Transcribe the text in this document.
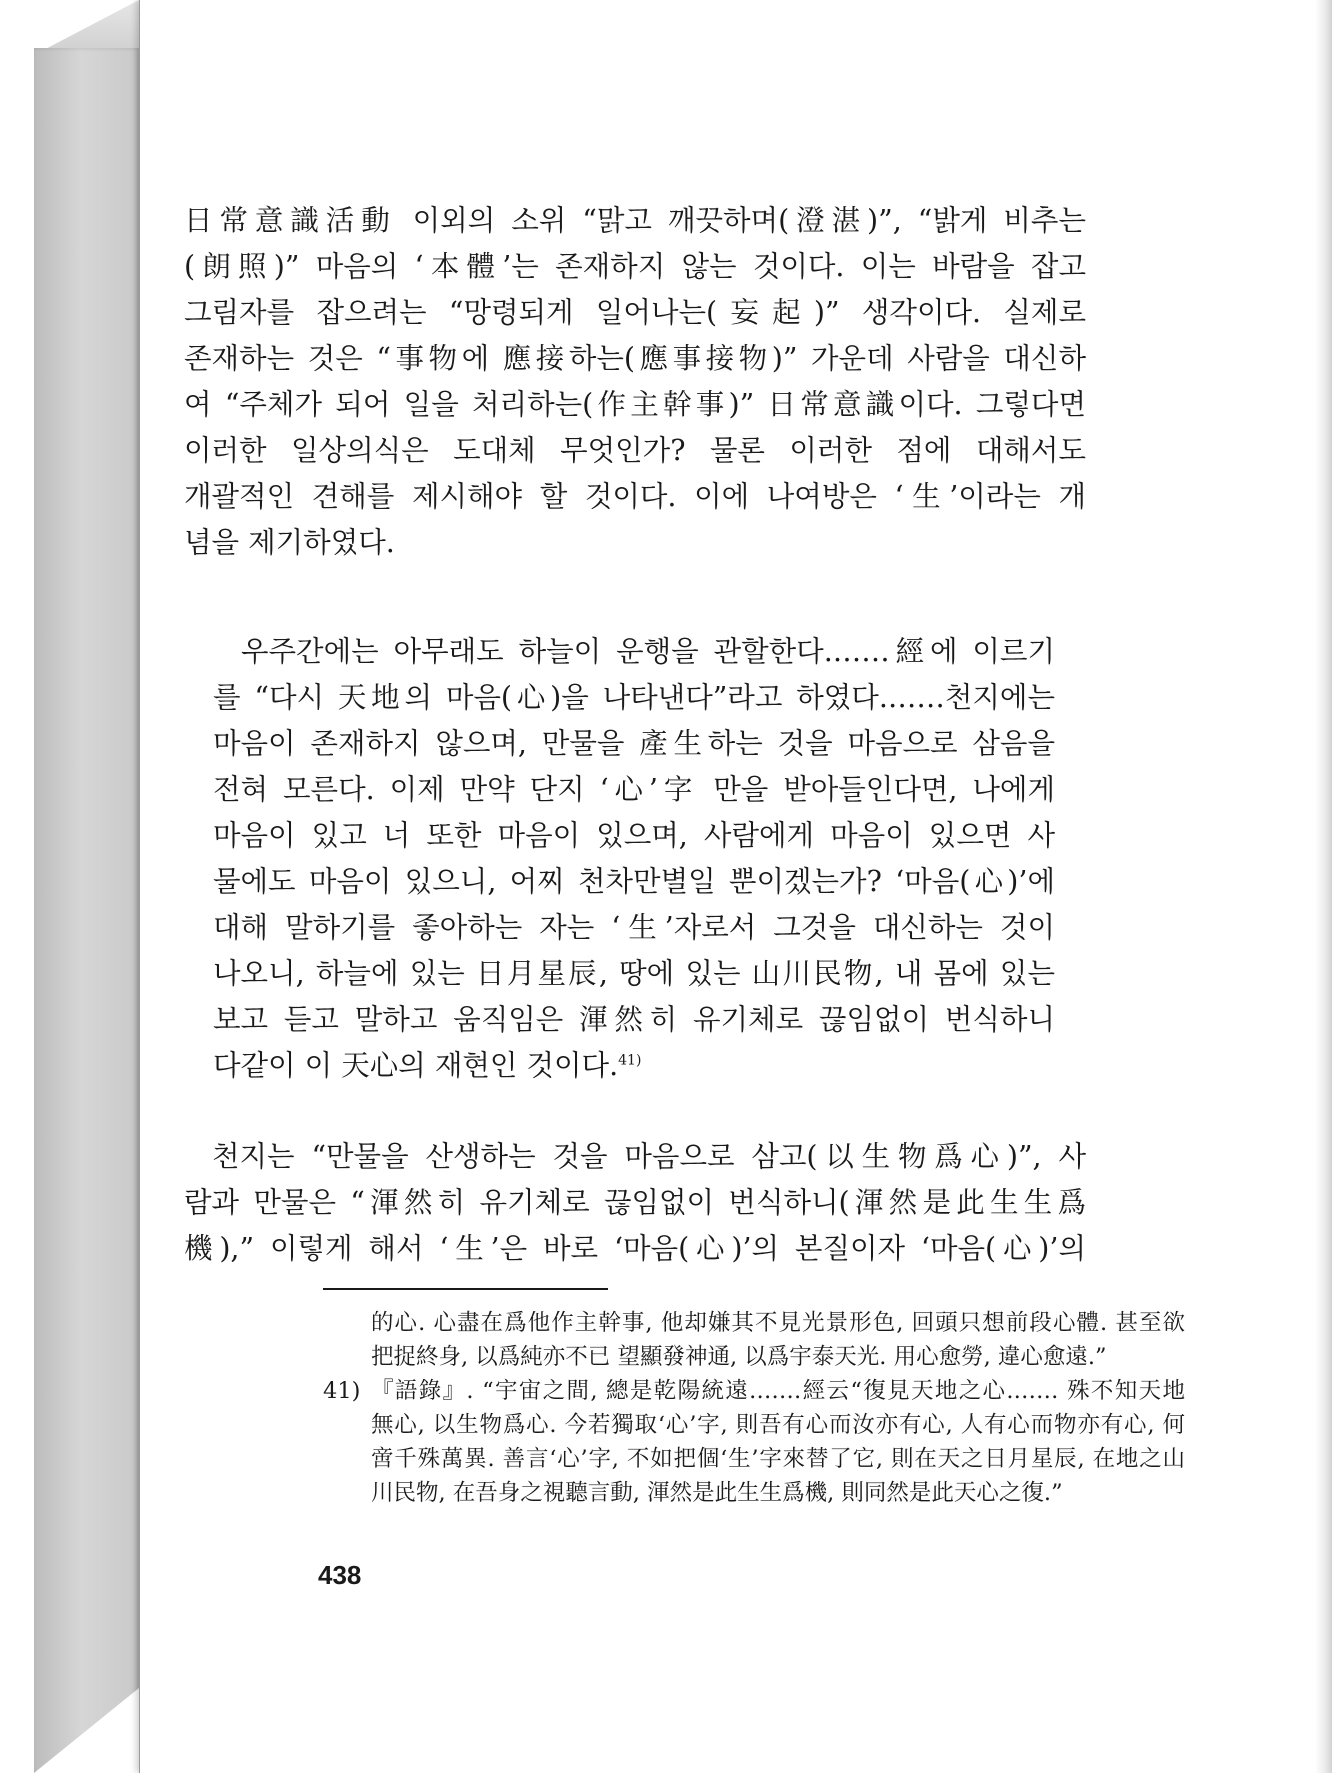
日常意識活動 이외의 소위 “맑고 깨끗하며(澄湛)”, “밝게 비추는
(朗照)” 마음의 ‘本體’는 존재하지 않는 것이다. 이는 바람을 잡고
그림자를 잡으려는 “망령되게 일어나는(妄起)” 생각이다. 실제로
존재하는 것은 “事物에 應接하는(應事接物)” 가운데 사람을 대신하
여 “주체가 되어 일을 처리하는(作主幹事)” 日常意識이다. 그렇다면
이러한 일상의식은 도대체 무엇인가? 물론 이러한 점에 대해서도
개괄적인 견해를 제시해야 할 것이다. 이에 나여방은 ‘生’이라는 개
념을 제기하였다.
우주간에는 아무래도 하늘이 운행을 관할한다.……經에 이르기
를 “다시 天地의 마음(心)을 나타낸다”라고 하였다.……천지에는
마음이 존재하지 않으며, 만물을 產生하는 것을 마음으로 삼음을
전혀 모른다. 이제 만약 단지 ‘心’字 만을 받아들인다면, 나에게
마음이 있고 너 또한 마음이 있으며, 사람에게 마음이 있으면 사
물에도 마음이 있으니, 어찌 천차만별일 뿐이겠는가? ‘마음(心)’에
대해 말하기를 좋아하는 자는 ‘生’자로서 그것을 대신하는 것이
나오니, 하늘에 있는 日月星辰, 땅에 있는 山川民物, 내 몸에 있는
보고 듣고 말하고 움직임은 渾然히 유기체로 끊임없이 번식하니
다같이 이 天心의 재현인 것이다.$^{41)}$
천지는 “만물을 산생하는 것을 마음으로 삼고(以生物爲心)”, 사
람과 만물은 “渾然히 유기체로 끊임없이 번식하니(渾然是此生生爲
機),” 이렇게 해서 ‘生’은 바로 ‘마음(心)’의 본질이자 ‘마음(心)’의
的心. 心盡在爲他作主幹事, 他却嫌其不見光景形色, 回頭只想前段心體. 甚至欲
把捉終身, 以爲純亦不已 望顯發神通, 以爲宇泰天光. 用心愈勞, 違心愈遠.”
41) 『語錄』. “宇宙之間, 總是乾陽統遠.……經云“復見天地之心.…… 殊不知天地
無心, 以生物爲心. 今若獨取‘心’字, 則吾有心而汝亦有心, 人有心而物亦有心, 何
啻千殊萬異. 善言‘心’字, 不如把個‘生’字來替了它, 則在天之日月星辰, 在地之山
川民物, 在吾身之視聽言動, 渾然是此生生爲機, 則同然是此天心之復.”
438
